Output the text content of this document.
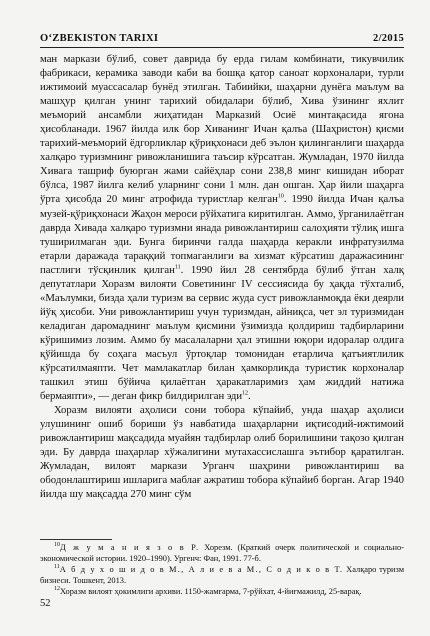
O‘ZBEKISTON TARIXI	2/2015

ман маркази бўлиб, совет даврида бу ерда гилам комбинати, тикувчилик фабрикаси, керамика заводи каби ва бошқа қатор саноат корхоналари, турли ижтимоий муассасалар бунёд этилган. Табиийки, шаҳарни дунёга маълум ва машҳур қилган унинг тарихий обидалари бўлиб, Хива ўзининг яхлит меъморий ансамбли жиҳатидан Марказий Осиё минтақасида ягона ҳисобланади. 1967 йилда илк бор Хиванинг Ичан қалъа (Шаҳристон) қисми тарихий-меъморий ёдгорликлар қўриқхонаси деб эълон қилинганлиги шаҳарда халқаро туризмнинг ривожланишига таъсир кўрсатган. Жумладан, 1970 йилда Хивага ташриф буюрган жами сайёҳлар сони 238,8 минг кишидан иборат бўлса, 1987 йилга келиб уларнинг сони 1 млн. дан ошган. Ҳар йили шаҳарга ўрта ҳисобда 20 минг атрофида туристлар келган$^{10}$. 1990 йилда Ичан қалъа музей-қўриқхонаси Жаҳон мероси рўйхатига киритилган. Аммо, ўрганилаётган даврда Хивада халқаро туризмни янада ривожлантириш салоҳияти тўлиқ ишга туширилмаган эди. Бунга биринчи галда шаҳарда керакли инфратузилма етарли даражада тараққий топмаганлиги ва хизмат кўрсатиш даражасининг пастлиги тўсқинлик қилган$^{11}$. 1990 йил 28 сентябрда бўлиб ўтган халқ депутатлари Хоразм вилояти Советининг IV сессиясида бу ҳақда тўхталиб, «Маълумки, бизда ҳали туризм ва сервис жуда суст ривожланмоқда ёки деярли йўқ ҳисоби. Уни ривожлантириш учун туризмдан, айниқса, чет эл туризмидан келадиган даромаднинг маълум қисмини ўзимизда қолдириш тадбирларини кўришимиз лозим. Аммо бу масалаларни ҳал этишни юқори идоралар олдига қўйишда бу соҳага масъул ўртоқлар томонидан етарлича қатъиятлилик кўрсатилмаяпти. Чет мамлакатлар билан ҳамкорликда туристик корхоналар ташкил этиш бўйича қилаётган ҳаракатларимиз ҳам жиддий натижа бермаяпти», — деган фикр билдирилган эди$^{12}$.

Хоразм вилояти аҳолиси сони тобора кўпайиб, унда шаҳар аҳолиси улушининг ошиб бориши ўз навбатида шаҳарларни иқтисодий-ижтимоий ривожлантириш мақсадида муайян тадбирлар олиб борилишини тақозо қилган эди. Бу даврда шаҳарлар хўжалигини мутахассислашга эътибор қаратилган. Жумладан, вилоят маркази Урганч шаҳрини ривожлантириш ва ободонлаштириш ишларига маблағ ажратиш тобора кўпайиб борган. Агар 1940 йилда шу мақсадда 270 минг сўм

$^{10}$Д ж у м а н и я з о в Р. Хорезм. (Краткий очерк политической и социально-экономической истории. 1920–1990). Ургенч: Фан, 1991. 77-б.

$^{11}$А б д у х о ш и д о в М., А л и е в а М., С о д и к о в Т. Халқаро туризм бизнеси. Тошкент, 2013.

$^{12}$Хоразм вилоят ҳокимлиги архиви. 1150-жамғарма, 7-рўйхат, 4-йиғмажилд, 25-варақ.

52
